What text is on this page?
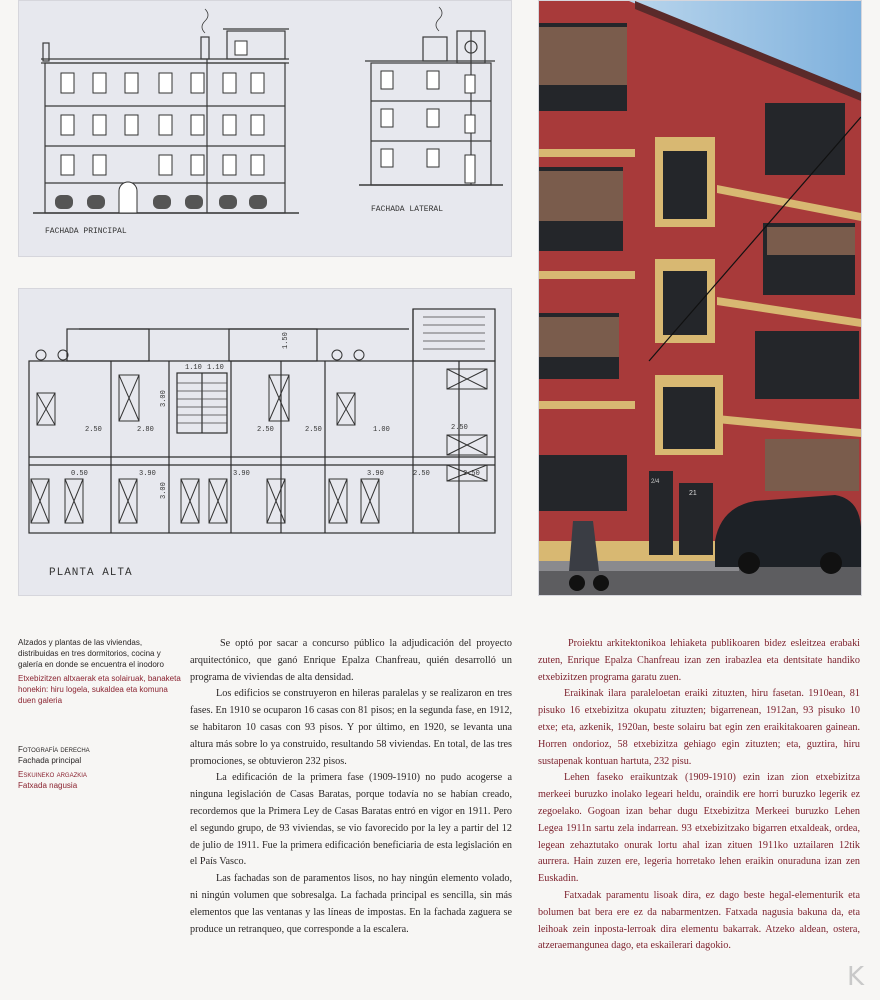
FACHADA PRINCIPAL
FACHADA LATERAL
1.10 1.10
3.00
3.00
2.50	2.80	2.50	2.50	1.00	2.50
1.50
0.50	3.90	3.90	3.90	2.50	2.50
PLANTA ALTA
21
2/4
Alzados y plantas de las viviendas, distribuidas en tres dormitorios, cocina y galería en donde se encuentra el inodoro
Etxebizitzen altxaerak eta solairuak, banaketa honekin: hiru logela, sukaldea eta komuna duen galeria
Fotografía derecha
Fachada principal
Eskuineko argazkia
Fatxada nagusia

Se optó por sacar a concurso público la adjudicación del proyecto arquitectónico, que ganó Enrique Epalza Chanfreau, quién desarrolló un programa de viviendas de alta densidad.

Los edificios se construyeron en hileras paralelas y se realizaron en tres fases. En 1910 se ocuparon 16 casas con 81 pisos; en la segunda fase, en 1912, se habitaron 10 casas con 93 pisos. Y por último, en 1920, se levanta una altura más sobre lo ya construido, resultando 58 viviendas. En total, de las tres promociones, se obtuvieron 232 pisos.

La edificación de la primera fase (1909-1910) no pudo acogerse a ninguna legislación de Casas Baratas, porque todavía no se habían creado, recordemos que la Primera Ley de Casas Baratas entró en vigor en 1911. Pero el segundo grupo, de 93 viviendas, se vio favorecido por la ley a partir del 12 de julio de 1911. Fue la primera edificación beneficiaria de esta legislación en el País Vasco.

Las fachadas son de paramentos lisos, no hay ningún elemento volado, ni ningún volumen que sobresalga. La fachada principal es sencilla, sin más elementos que las ventanas y las líneas de impostas. En la fachada zaguera se produce un retranqueo, que corresponde a la escalera.

Proiektu arkitektonikoa lehiaketa publikoaren bidez esleitzea erabaki zuten, Enrique Epalza Chanfreau izan zen irabazlea eta dentsitate handiko etxebizitzen programa garatu zuen.

Eraikinak ilara paraleloetan eraiki zituzten, hiru fasetan. 1910ean, 81 pisuko 16 etxebizitza okupatu zituzten; bigarrenean, 1912an, 93 pisuko 10 etxe; eta, azkenik, 1920an, beste solairu bat egin zen eraikitakoaren gainean. Horren ondorioz, 58 etxebizitza gehiago egin zituzten; eta, guztira, hiru sustapenak kontuan hartuta, 232 pisu.

Lehen faseko eraikuntzak (1909-1910) ezin izan zion etxebizitza merkeei buruzko inolako legeari heldu, oraindik ere horri buruzko legerik ez zegoelako. Gogoan izan behar dugu Etxebizitza Merkeei buruzko Lehen Legea 1911n sartu zela indarrean. 93 etxebizitzako bigarren etxaldeak, ordea, legean zehaztutako onurak lortu ahal izan zituen 1911ko uztailaren 12tik aurrera. Hain zuzen ere, legeria horretako lehen eraikin onuraduna izan zen Euskadin.

Fatxadak paramentu lisoak dira, ez dago beste hegal-elementurik eta bolumen bat bera ere ez da nabarmentzen. Fatxada nagusia bakuna da, eta leihoak zein inposta-lerroak dira elementu bakarrak. Atzeko aldean, ostera, atzeraemangunea dago, eta eskailerari dagokio.

K
